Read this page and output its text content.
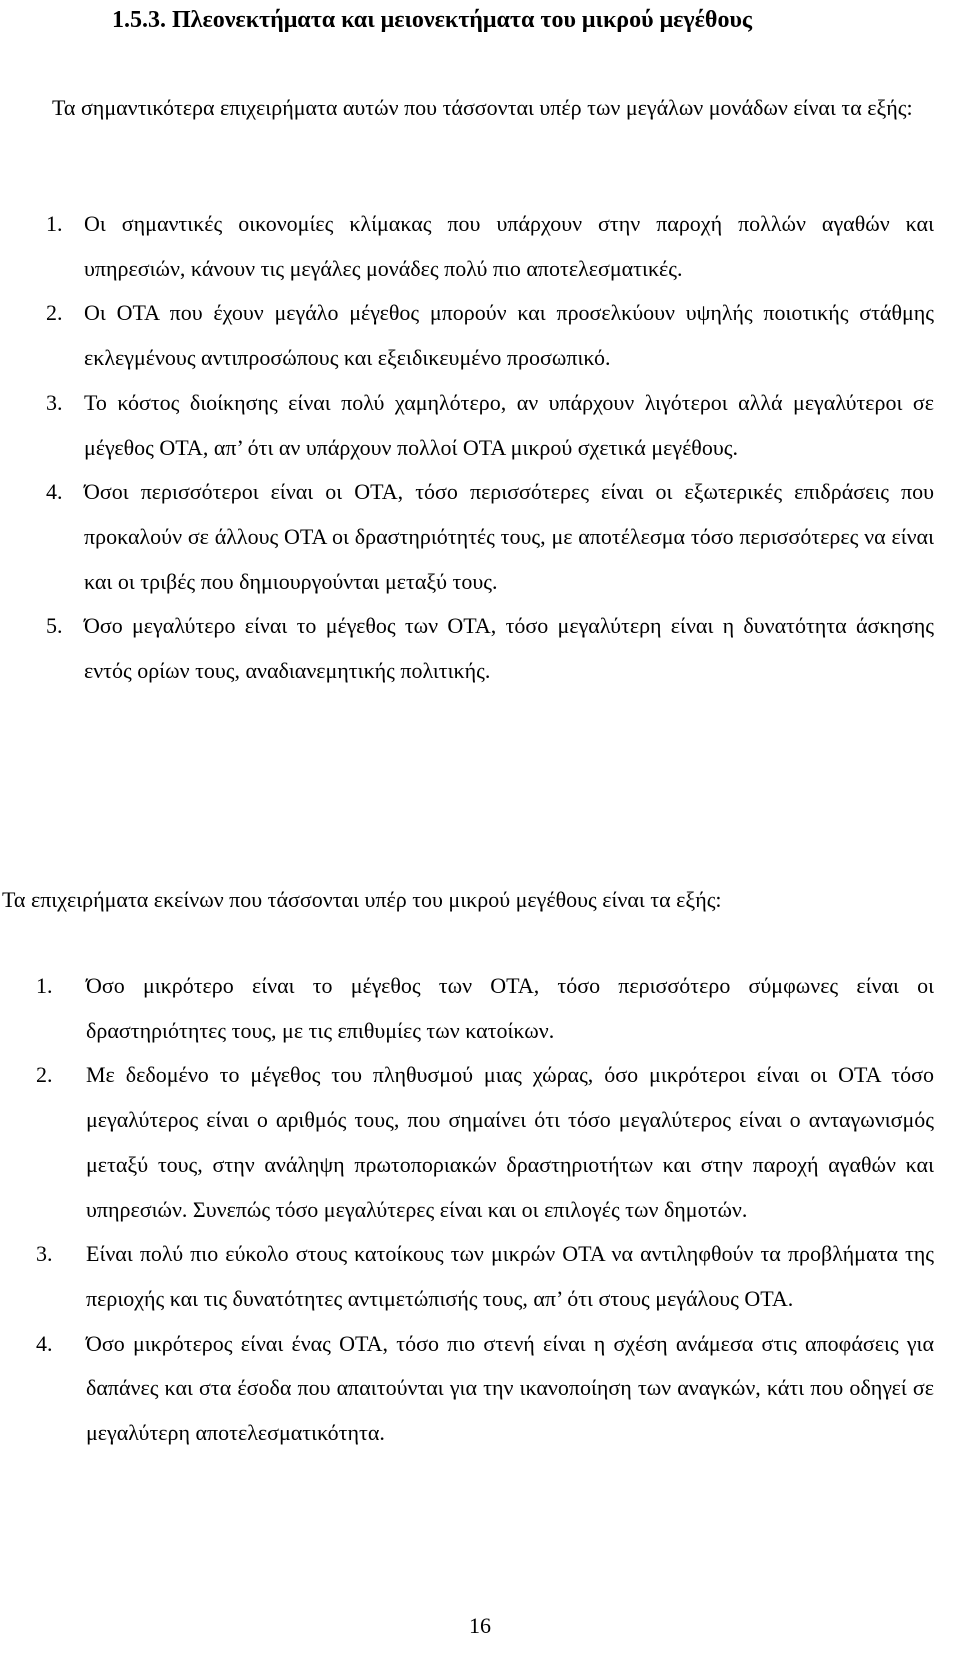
1.5.3. Πλεονεκτήματα και μειονεκτήματα του μικρού μεγέθους

Τα σημαντικότερα επιχειρήματα αυτών που τάσσονται υπέρ των μεγάλων μονάδων είναι τα εξής:

1. Οι σημαντικές οικονομίες κλίμακας που υπάρχουν στην παροχή πολλών αγαθών και υπηρεσιών, κάνουν τις μεγάλες μονάδες πολύ πιο αποτελεσματικές.
2. Οι ΟΤΑ που έχουν μεγάλο μέγεθος μπορούν και προσελκύουν υψηλής ποιοτικής στάθμης εκλεγμένους αντιπροσώπους και εξειδικευμένο προσωπικό.
3. Το κόστος διοίκησης είναι πολύ χαμηλότερο, αν υπάρχουν λιγότεροι αλλά μεγαλύτεροι σε μέγεθος ΟΤΑ, απ’ ότι αν υπάρχουν πολλοί ΟΤΑ μικρού σχετικά μεγέθους.
4. Όσοι περισσότεροι είναι οι ΟΤΑ, τόσο περισσότερες είναι οι εξωτερικές επιδράσεις που προκαλούν σε άλλους ΟΤΑ οι δραστηριότητές τους, με αποτέλεσμα τόσο περισσότερες να είναι και οι τριβές που δημιουργούνται μεταξύ τους.
5. Όσο μεγαλύτερο είναι το μέγεθος των ΟΤΑ, τόσο μεγαλύτερη είναι η δυνατότητα άσκησης εντός ορίων τους, αναδιανεμητικής πολιτικής.
Τα επιχειρήματα εκείνων που τάσσονται υπέρ του μικρού μεγέθους είναι τα εξής:
1. Όσο μικρότερο είναι το μέγεθος των ΟΤΑ, τόσο περισσότερο σύμφωνες είναι οι δραστηριότητες τους, με τις επιθυμίες των κατοίκων.
2. Με δεδομένο το μέγεθος του πληθυσμού μιας χώρας, όσο μικρότεροι είναι οι ΟΤΑ τόσο μεγαλύτερος είναι ο αριθμός τους, που σημαίνει ότι τόσο μεγαλύτερος είναι ο ανταγωνισμός μεταξύ τους, στην ανάληψη πρωτοποριακών δραστηριοτήτων και στην παροχή αγαθών και υπηρεσιών. Συνεπώς τόσο μεγαλύτερες είναι και οι επιλογές των δημοτών.
3. Είναι πολύ πιο εύκολο στους κατοίκους των μικρών ΟΤΑ να αντιληφθούν τα προβλήματα της περιοχής και τις δυνατότητες αντιμετώπισής τους, απ’ ότι στους μεγάλους ΟΤΑ.
4. Όσο μικρότερος είναι ένας ΟΤΑ, τόσο πιο στενή είναι η σχέση ανάμεσα στις αποφάσεις για δαπάνες και στα έσοδα που απαιτούνται για την ικανοποίηση των αναγκών, κάτι που οδηγεί σε μεγαλύτερη αποτελεσματικότητα.
16
